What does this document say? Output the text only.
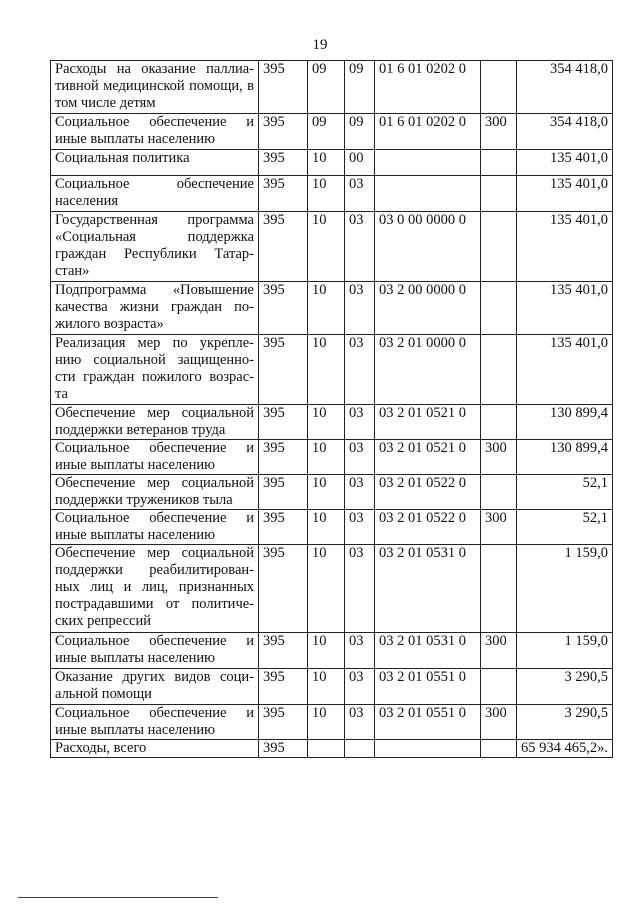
19
Расходы на оказание паллиа-тивной медицинской помощи, в том числе детям	395	09	09	01 6 01 0202 0		354 418,0
Социальное обеспечение и иные выплаты населению	395	09	09	01 6 01 0202 0	300	354 418,0
Социальная политика	395	10	00			135 401,0
Социальное обеспечение населения	395	10	03			135 401,0
Государственная программа «Социальная поддержка граждан Республики Татар-стан»	395	10	03	03 0 00 0000 0		135 401,0
Подпрограмма «Повышение качества жизни граждан по-жилого возраста»	395	10	03	03 2 00 0000 0		135 401,0
Реализация мер по укрепле-нию социальной защищенно-сти граждан пожилого возрас-та	395	10	03	03 2 01 0000 0		135 401,0
Обеспечение мер социальной поддержки ветеранов труда	395	10	03	03 2 01 0521 0		130 899,4
Социальное обеспечение и иные выплаты населению	395	10	03	03 2 01 0521 0	300	130 899,4
Обеспечение мер социальной поддержки тружеников тыла	395	10	03	03 2 01 0522 0		52,1
Социальное обеспечение и иные выплаты населению	395	10	03	03 2 01 0522 0	300	52,1
Обеспечение мер социальной поддержки реабилитирован-ных лиц и лиц, признанных пострадавшими от политиче-ских репрессий	395	10	03	03 2 01 0531 0		1 159,0
Социальное обеспечение и иные выплаты населению	395	10	03	03 2 01 0531 0	300	1 159,0
Оказание других видов соци-альной помощи	395	10	03	03 2 01 0551 0		3 290,5
Социальное обеспечение и иные выплаты населению	395	10	03	03 2 01 0551 0	300	3 290,5
Расходы, всего	395					65 934 465,2».
